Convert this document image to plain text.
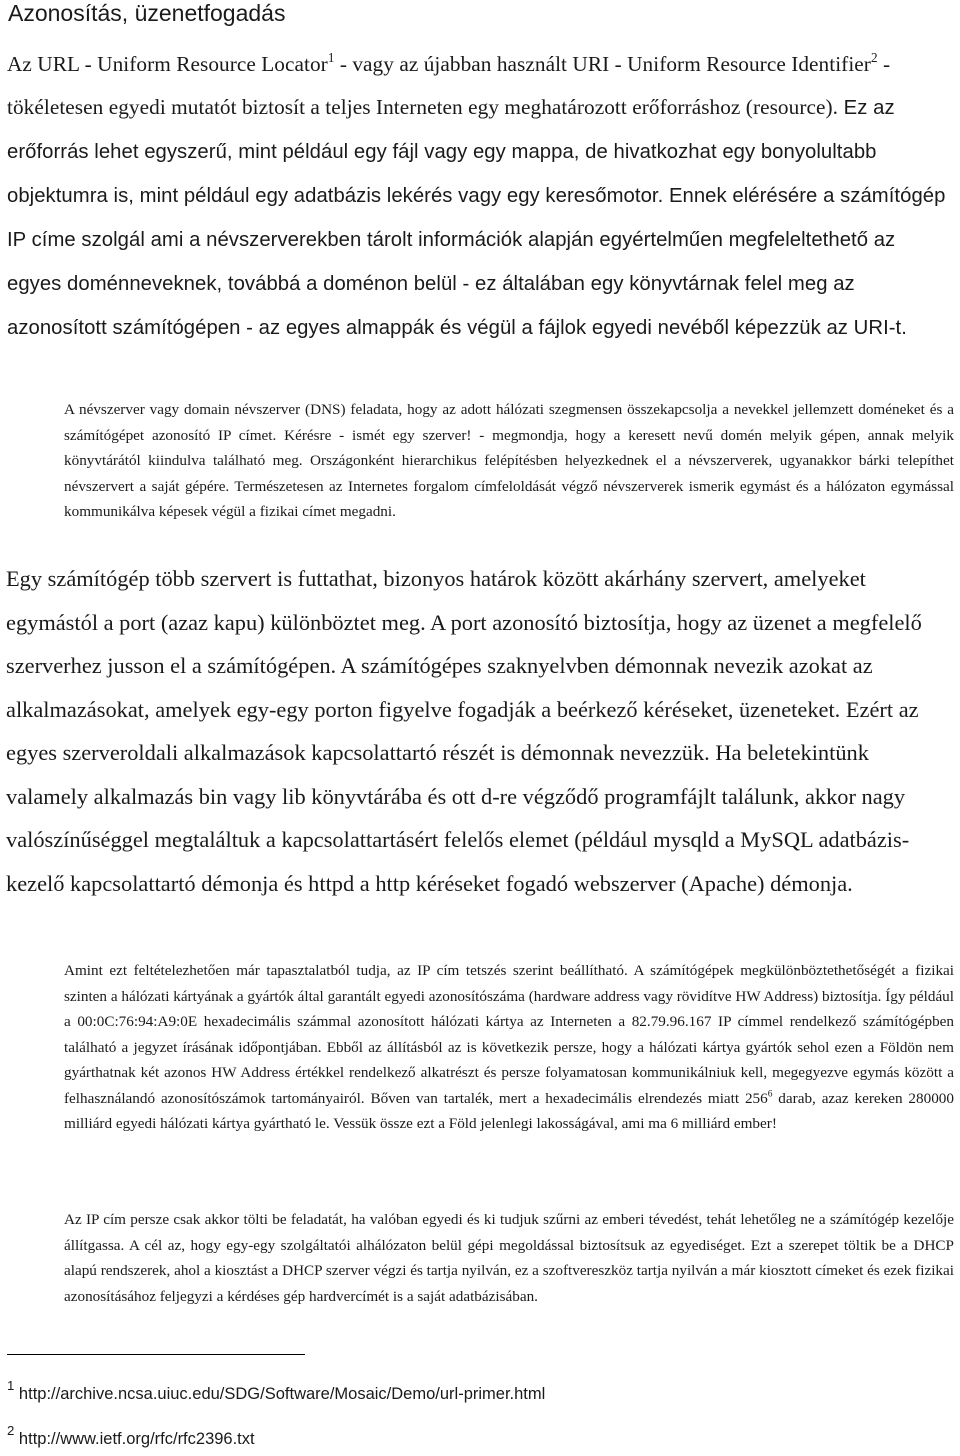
Azonosítás, üzenetfogadás

Az URL - Uniform Resource Locator$^1$ - vagy az újabban használt URI - Uniform Resource Identifier$^2$ - tökéletesen egyedi mutatót biztosít a teljes Interneten egy meghatározott erőforráshoz (resource). Ez az erőforrás lehet egyszerű, mint például egy fájl vagy egy mappa, de hivatkozhat egy bonyolultabb objektumra is, mint például egy adatbázis lekérés vagy egy keresőmotor. Ennek elérésére a számítógép IP címe szolgál ami a névszerverekben tárolt információk alapján egyértelműen megfeleltethető az egyes doménneveknek, továbbá a doménon belül - ez általában egy könyvtárnak felel meg az azonosított számítógépen - az egyes almappák és végül a fájlok egyedi nevéből képezzük az URI-t.

A névszerver vagy domain névszerver (DNS) feladata, hogy az adott hálózati szegmensen összekapcsolja a nevekkel jellemzett doméneket és a számítógépet azonosító IP címet. Kérésre - ismét egy szerver! - megmondja, hogy a keresett nevű domén melyik gépen, annak melyik könyvtárától kiindulva található meg. Országonként hierarchikus felépítésben helyezkednek el a névszerverek, ugyanakkor bárki telepíthet névszervert a saját gépére. Természetesen az Internetes forgalom címfeloldását végző névszerverek ismerik egymást és a hálózaton egymással kommunikálva képesek végül a fizikai címet megadni.

Egy számítógép több szervert is futtathat, bizonyos határok között akárhány szervert, amelyeket egymástól a port (azaz kapu) különböztet meg. A port azonosító biztosítja, hogy az üzenet a megfelelő szerverhez jusson el a számítógépen. A számítógépes szaknyelvben démonnak nevezik azokat az alkalmazásokat, amelyek egy-egy porton figyelve fogadják a beérkező kéréseket, üzeneteket. Ezért az egyes szerveroldali alkalmazások kapcsolattartó részét is démonnak nevezzük. Ha beletekintünk valamely alkalmazás bin vagy lib könyvtárába és ott d-re végződő programfájlt találunk, akkor nagy valószínűséggel megtaláltuk a kapcsolattartásért felelős elemet (például mysqld a MySQL adatbázis-kezelő kapcsolattartó démonja és httpd a http kéréseket fogadó webszerver (Apache) démonja.

Amint ezt feltételezhetően már tapasztalatból tudja, az IP cím tetszés szerint beállítható. A számítógépek megkülönböztethetőségét a fizikai szinten a hálózati kártyának a gyártók által garantált egyedi azonosítószáma (hardware address vagy rövidítve HW Address) biztosítja. Így például a 00:0C:76:94:A9:0E hexadecimális számmal azonosított hálózati kártya az Interneten a 82.79.96.167 IP címmel rendelkező számítógépben található a jegyzet írásának időpontjában. Ebből az állításból az is következik persze, hogy a hálózati kártya gyártók sehol ezen a Földön nem gyárthatnak két azonos HW Address értékkel rendelkező alkatrészt és persze folyamatosan kommunikálniuk kell, megegyezve egymás között a felhasználandó azonosítószámok tartományairól. Bőven van tartalék, mert a hexadecimális elrendezés miatt $256^6$ darab, azaz kereken 280000 milliárd egyedi hálózati kártya gyártható le. Vessük össze ezt a Föld jelenlegi lakosságával, ami ma 6 milliárd ember!

Az IP cím persze csak akkor tölti be feladatát, ha valóban egyedi és ki tudjuk szűrni az emberi tévedést, tehát lehetőleg ne a számítógép kezelője állítgassa. A cél az, hogy egy-egy szolgáltatói alhálózaton belül gépi megoldással biztosítsuk az egyediséget. Ezt a szerepet töltik be a DHCP alapú rendszerek, ahol a kiosztást a DHCP szerver végzi és tartja nyilván, ez a szoftvereszköz tartja nyilván a már kiosztott címeket és ezek fizikai azonosításához feljegyzi a kérdéses gép hardvercímét is a saját adatbázisában.

$^1$ http://archive.ncsa.uiuc.edu/SDG/Software/Mosaic/Demo/url-primer.html

$^2$ http://www.ietf.org/rfc/rfc2396.txt
